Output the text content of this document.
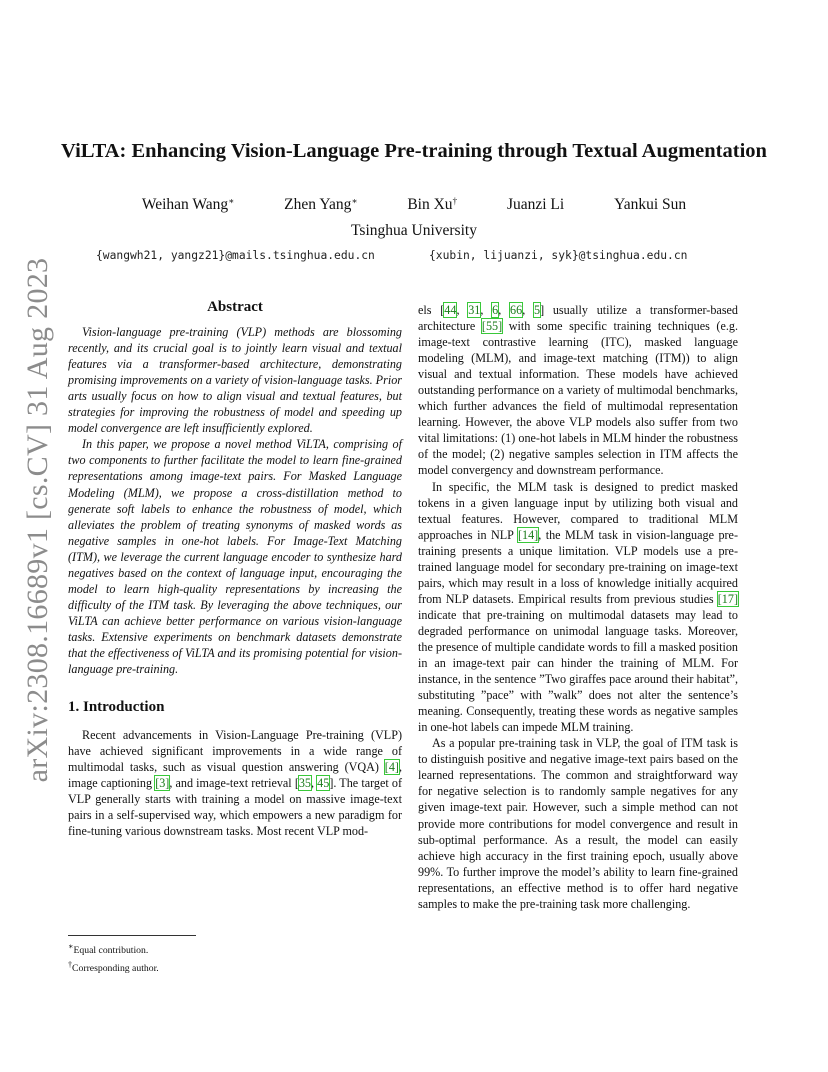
arXiv:2308.16689v1 [cs.CV] 31 Aug 2023
ViLTA: Enhancing Vision-Language Pre-training through Textual Augmentation
Weihan Wang∗	Zhen Yang∗	Bin Xu†	Juanzi Li	Yankui Sun
Tsinghua University
{wangwh21, yangz21}@mails.tsinghua.edu.cn	{xubin, lijuanzi, syk}@tsinghua.edu.cn
Abstract

Vision-language pre-training (VLP) methods are blossoming recently, and its crucial goal is to jointly learn visual and textual features via a transformer-based architecture, demonstrating promising improvements on a variety of vision-language tasks. Prior arts usually focus on how to align visual and textual features, but strategies for improving the robustness of model and speeding up model convergence are left insufficiently explored.

In this paper, we propose a novel method ViLTA, comprising of two components to further facilitate the model to learn fine-grained representations among image-text pairs. For Masked Language Modeling (MLM), we propose a cross-distillation method to generate soft labels to enhance the robustness of model, which alleviates the problem of treating synonyms of masked words as negative samples in one-hot labels. For Image-Text Matching (ITM), we leverage the current language encoder to synthesize hard negatives based on the context of language input, encouraging the model to learn high-quality representations by increasing the difficulty of the ITM task. By leveraging the above techniques, our ViLTA can achieve better performance on various vision-language tasks. Extensive experiments on benchmark datasets demonstrate that the effectiveness of ViLTA and its promising potential for vision-language pre-training.

1. Introduction

Recent advancements in Vision-Language Pre-training (VLP) have achieved significant improvements in a wide range of multimodal tasks, such as visual question answering (VQA) [4], image captioning [3], and image-text retrieval [35, 45]. The target of VLP generally starts with training a model on massive image-text pairs in a self-supervised way, which empowers a new paradigm for fine-tuning various downstream tasks. Most recent VLP mod-

∗Equal contribution.
†Corresponding author.

els [44, 31, 6, 66, 5] usually utilize a transformer-based architecture [55] with some specific training techniques (e.g. image-text contrastive learning (ITC), masked language modeling (MLM), and image-text matching (ITM)) to align visual and textual information. These models have achieved outstanding performance on a variety of multimodal benchmarks, which further advances the field of multimodal representation learning. However, the above VLP models also suffer from two vital limitations: (1) one-hot labels in MLM hinder the robustness of the model; (2) negative samples selection in ITM affects the model convergency and downstream performance.

In specific, the MLM task is designed to predict masked tokens in a given language input by utilizing both visual and textual features. However, compared to traditional MLM approaches in NLP [14], the MLM task in vision-language pre-training presents a unique limitation. VLP models use a pre-trained language model for secondary pre-training on image-text pairs, which may result in a loss of knowledge initially acquired from NLP datasets. Empirical results from previous studies [17] indicate that pre-training on multimodal datasets may lead to degraded performance on unimodal language tasks. Moreover, the presence of multiple candidate words to fill a masked position in an image-text pair can hinder the training of MLM. For instance, in the sentence ”Two giraffes pace around their habitat”, substituting ”pace” with ”walk” does not alter the sentence’s meaning. Consequently, treating these words as negative samples in one-hot labels can impede MLM training.

As a popular pre-training task in VLP, the goal of ITM task is to distinguish positive and negative image-text pairs based on the learned representations. The common and straightforward way for negative selection is to randomly sample negatives for any given image-text pair. However, such a simple method can not provide more contributions for model convergence and result in sub-optimal performance. As a result, the model can easily achieve high accuracy in the first training epoch, usually above 99%. To further improve the model’s ability to learn fine-grained representations, an effective method is to offer hard negative samples to make the pre-training task more challenging.
